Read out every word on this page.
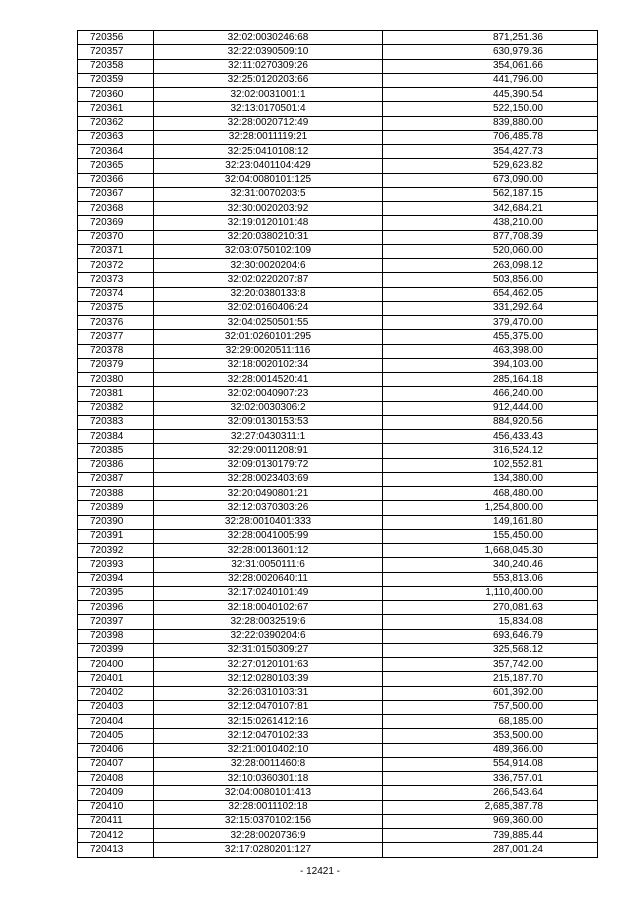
720356	32:02:0030246:68	871,251.36
720357	32:22:0390509:10	630,979.36
720358	32:11:0270309:26	354,061.66
720359	32:25:0120203:66	441,796.00
720360	32:02:0031001:1	445,390.54
720361	32:13:0170501:4	522,150.00
720362	32:28:0020712:49	839,880.00
720363	32:28:0011119:21	706,485.78
720364	32:25:0410108:12	354,427.73
720365	32:23:0401104:429	529,623.82
720366	32:04:0080101:125	673,090.00
720367	32:31:0070203:5	562,187.15
720368	32:30:0020203:92	342,684.21
720369	32:19:0120101:48	438,210.00
720370	32:20:0380210:31	877,708.39
720371	32:03:0750102:109	520,060.00
720372	32:30:0020204:6	263,098.12
720373	32:02:0220207:87	503,856.00
720374	32:20:0380133:8	654,462.05
720375	32:02:0160406:24	331,292.64
720376	32:04:0250501:55	379,470.00
720377	32:01:0260101:295	455,375.00
720378	32:29:0020511:116	463,398.00
720379	32:18:0020102:34	394,103.00
720380	32:28:0014520:41	285,164.18
720381	32:02:0040907:23	466,240.00
720382	32:02:0030306:2	912,444.00
720383	32:09:0130153:53	884,920.56
720384	32:27:0430311:1	456,433.43
720385	32:29:0011208:91	316,524.12
720386	32:09:0130179:72	102,552.81
720387	32:28:0023403:69	134,380.00
720388	32:20:0490801:21	468,480.00
720389	32:12:0370303:26	1,254,800.00
720390	32:28:0010401:333	149,161.80
720391	32:28:0041005:99	155,450.00
720392	32:28:0013601:12	1,668,045.30
720393	32:31:0050111:6	340,240.46
720394	32:28:0020640:11	553,813.06
720395	32:17:0240101:49	1,110,400.00
720396	32:18:0040102:67	270,081.63
720397	32:28:0032519:6	15,834.08
720398	32:22:0390204:6	693,646.79
720399	32:31:0150309:27	325,568.12
720400	32:27:0120101:63	357,742.00
720401	32:12:0280103:39	215,187.70
720402	32:26:0310103:31	601,392.00
720403	32:12:0470107:81	757,500.00
720404	32:15:0261412:16	68,185.00
720405	32:12:0470102:33	353,500.00
720406	32:21:0010402:10	489,366.00
720407	32:28:0011460:8	554,914.08
720408	32:10:0360301:18	336,757.01
720409	32:04:0080101:413	266,543.64
720410	32:28:0011102:18	2,685,387.78
720411	32:15:0370102:156	969,360.00
720412	32:28:0020736:9	739,885.44
720413	32:17:0280201:127	287,001.24
- 12421 -
